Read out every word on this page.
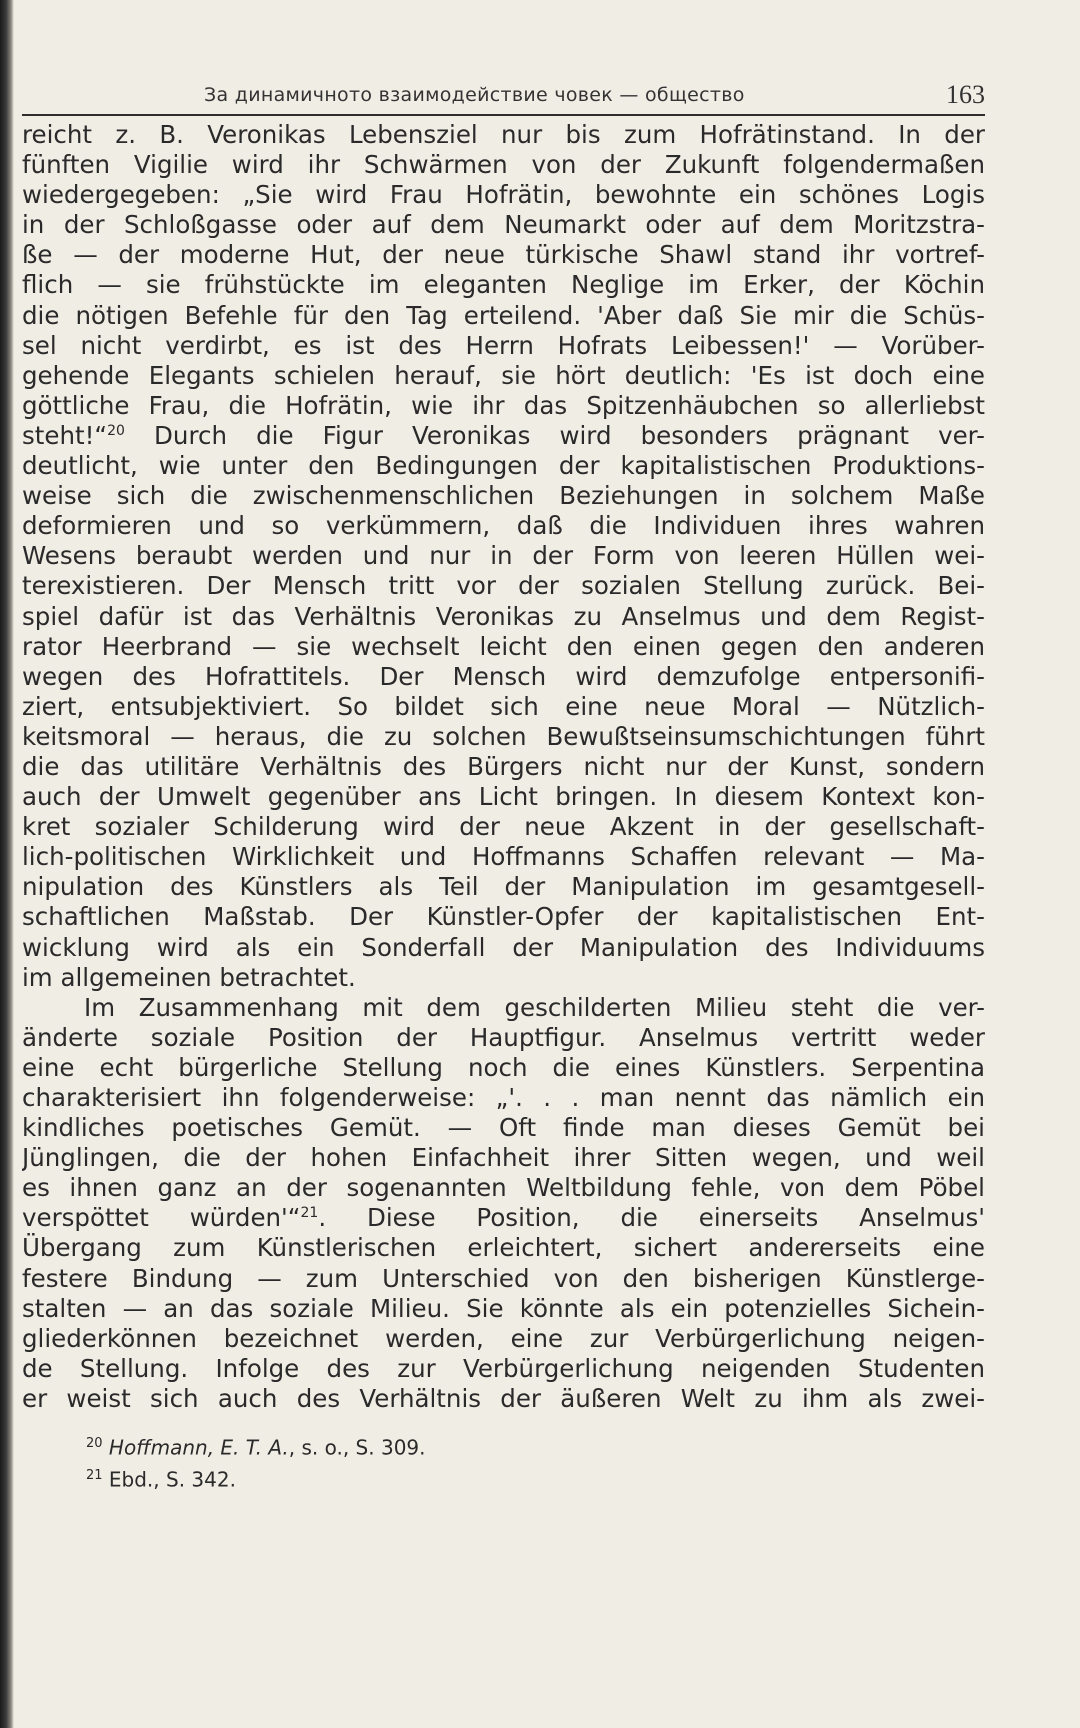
За динамичното взаимодействие човек — общество	163
reicht z. B. Veronikas Lebensziel nur bis zum Hofrätinstand. In der
fünften Vigilie wird ihr Schwärmen von der Zukunft folgendermaßen
wiedergegeben: „Sie wird Frau Hofrätin, bewohnte ein schönes Logis
in der Schloßgasse oder auf dem Neumarkt oder auf dem Moritzstra-
ße — der moderne Hut, der neue türkische Shawl stand ihr vortref-
flich — sie frühstückte im eleganten Neglige im Erker, der Köchin
die nötigen Befehle für den Tag erteilend. 'Aber daß Sie mir die Schüs-
sel nicht verdirbt, es ist des Herrn Hofrats Leibessen!' — Vorüber-
gehende Elegants schielen herauf, sie hört deutlich: 'Es ist doch eine
göttliche Frau, die Hofrätin, wie ihr das Spitzenhäubchen so allerliebst
steht!“$^{20}$ Durch die Figur Veronikas wird besonders prägnant ver-
deutlicht, wie unter den Bedingungen der kapitalistischen Produktions-
weise sich die zwischenmenschlichen Beziehungen in solchem Maße
deformieren und so verkümmern, daß die Individuen ihres wahren
Wesens beraubt werden und nur in der Form von leeren Hüllen wei-
terexistieren. Der Mensch tritt vor der sozialen Stellung zurück. Bei-
spiel dafür ist das Verhältnis Veronikas zu Anselmus und dem Regist-
rator Heerbrand — sie wechselt leicht den einen gegen den anderen
wegen des Hofrattitels. Der Mensch wird demzufolge entpersonifi-
ziert, entsubjektiviert. So bildet sich eine neue Moral — Nützlich-
keitsmoral — heraus, die zu solchen Bewußtseinsumschichtungen führt
die das utilitäre Verhältnis des Bürgers nicht nur der Kunst, sondern
auch der Umwelt gegenüber ans Licht bringen. In diesem Kontext kon-
kret sozialer Schilderung wird der neue Akzent in der gesellschaft-
lich-politischen Wirklichkeit und Hoffmanns Schaffen relevant — Ma-
nipulation des Künstlers als Teil der Manipulation im gesamtgesell-
schaftlichen Maßstab. Der Künstler-Opfer der kapitalistischen Ent-
wicklung wird als ein Sonderfall der Manipulation des Individuums
im allgemeinen betrachtet.
Im Zusammenhang mit dem geschilderten Milieu steht die ver-
änderte soziale Position der Hauptfigur. Anselmus vertritt weder
eine echt bürgerliche Stellung noch die eines Künstlers. Serpentina
charakterisiert ihn folgenderweise: „'. . . man nennt das nämlich ein
kindliches poetisches Gemüt. — Oft finde man dieses Gemüt bei
Jünglingen, die der hohen Einfachheit ihrer Sitten wegen, und weil
es ihnen ganz an der sogenannten Weltbildung fehle, von dem Pöbel
verspöttet würden'“$^{21}$. Diese Position, die einerseits Anselmus'
Übergang zum Künstlerischen erleichtert, sichert andererseits eine
festere Bindung — zum Unterschied von den bisherigen Künstlerge-
stalten — an das soziale Milieu. Sie könnte als ein potenzielles Sichein-
gliederkönnen bezeichnet werden, eine zur Verbürgerlichung neigen-
de Stellung. Infolge des zur Verbürgerlichung neigenden Studenten
er weist sich auch des Verhältnis der äußeren Welt zu ihm als zwei-
$^{20}$ Hoffmann, E. T. A., s. o., S. 309.
$^{21}$ Ebd., S. 342.
